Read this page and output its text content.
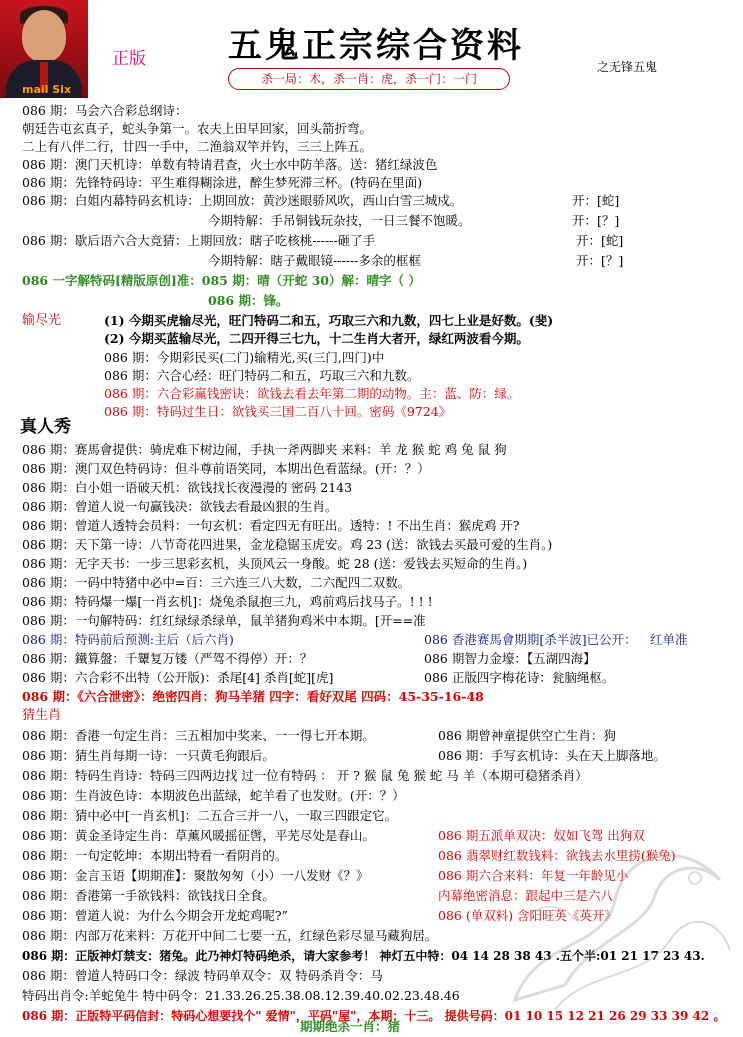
mail Six
正版	五鬼正宗综合资料
杀一局：木，杀一肖：虎，杀一门：一门
之无锋五鬼
086 期：马会六合彩总纲诗：
朝廷告屯玄真子，蛇头争第一。农夫上田早回家，回头箭折弯。
二上有八伴二行，廿四一手中，二渔翁双竿并钓，三三上阵五。
086 期：澳门天机诗：单数有特请君查，火土水中防羊落。送：猪红绿波色
086 期：先锋特码诗：平生难得糊涂进，醉生梦死滞三杯。(特码在里面)
086 期：白姐内幕特码玄机诗：上期回放：黄沙迷眼骄风吹，西山白雪三城戍。	开：[蛇]
今期特解：手吊铜钱玩杂技，一日三餐不饱暖。	开：[？]
086 期：歇后语六合大竞猜：上期回放：瞎子吃核桃------砸了手	开：[蛇]
今期特解：瞎子戴眼镜------多余的框框	开：[？]
086 一字解特码[精版原创]准：085 期：晴（开蛇 30）解：晴字（ ）
086 期：锋。
输尽光	(1) 今期买虎输尽光，旺门特码二和五，巧取三六和九数，四七上业是好数。(斐)
(2) 今期买蓝输尽光，二四开得三七九，十二生肖大者开，绿红两波看今期。
086 期：今期彩民买(二门)输精光,买(三门,四门)中
086 期：六合心经：旺门特码二和五，巧取三六和九数。
086 期：六合彩赢钱密诀：欲钱去看去年第二期的动物。主：蓝、防：绿。
086 期：特码过生日：欲钱买三国二百八十回。密码《9724》
真人秀
086 期：赛馬會提供：骑虎难下树边闹，手执一斧两脚夹 来料：羊 龙 猴 蛇 鸡 兔 鼠 狗
086 期：澳门双色特码诗：但斗尊前语笑同，本期出色看蓝绿。(开：？）
086 期：白小姐一语破天机：欲钱找长夜漫漫的 密码 2143
086 期：曾道人说一句赢钱决：欲钱去看最凶狠的生肖。
086 期：曾道人透特会员料：一句玄机：看定四无有旺出。透特：! 不出生肖：猴虎鸡 开?
086 期：天下第一诗：八节奇花四进果，金龙稳锯玉虎安。鸡 23 (送：欲钱去买最可爱的生肖。)
086 期：无字天书：一步三思彩玄机，头顶风云一身酸。蛇 28 (送：爱钱去买短命的生肖。)
086 期：一码中特猪中必中=百：三六连三八大数，二六配四二双数。
086 期：特码爆一爆[一肖玄机]：烧兔杀鼠抱三九，鸡前鸡后找马子。! ! !
086 期：一句解特码：红红绿绿杀绿单，鼠羊猪狗鸡米中本期。[开==准
086 期：特码前后预测:主后（后六肖)	086 香港赛馬會期期[杀半波]已公开： 红单准
086 期：鐵算盤：千顰复万镂（严驾不得停）开：？	086 期智力金壕：【五湖四海】
086 期：六合彩不出特（公开版)：杀尾[4] 杀肖[蛇][虎]	086 正版四字梅花诗：瓮脑绳枢。
086 期：《六合泄密》：绝密四肖：狗马羊猪 四字：看好双尾 四码：45-35-16-48
猜生肖
086 期：香港一句定生肖：三五相加中奖来、一一得七开本期。	086 期曾神童提供空亡生肖：狗
086 期：猜生肖每期一诗：一只黄毛狗跟后。	086 期：手写玄机诗：头在天上脚落地。
086 期：特码生肖诗：特码三四两边找 过一位有特码 ： 开 ? 猴 鼠 兔 猴 蛇 马 羊（本期可稳猪杀肖）
086 期：生肖波色诗：本期波色出蓝绿，蛇羊看了也发财。(开：？）
086 期：猜中必中[一肖玄机]：二五合三并一八，一取三四跟定它。
086 期：黄金圣诗定生肖：草薰风暖摇征辔，平芜尽处是春山。	086 期五派单双决：奴如飞驾 出狗双
086 期：一句定乾坤：本期出特看一看阴肖的。	086 翡翠财红数钱料：欲钱去水里捞(猴兔)
086 期：金言玉语【期期准】：聚散匆匆（小）一八发财《？》	086 期六合来料：年复一年龄见小
086 期：香港第一手欲钱料：欲钱找日全食。	内幕绝密消息：跟起中三是六八
086 期：曾道人说：为什么今期会开龙蛇鸡呢?”	086 (单双料) 含阳旺英《英开》
086 期：内部万花来料：万花开中间二七要一五，红绿色彩尽显马藏狗居。
086 期：正版神灯禁支：猪兔。此乃神灯特码绝杀，请大家参考！ 神灯五中特：04 14 28 38 43 .五个半:01 21 17 23 43.
086 期：曾道人特码口令：绿波 特码单双令：双 特码杀肖令：马
特码出肖令:羊蛇兔牛 特中码令：21.33.26.25.38.08.12.39.40.02.23.48.46
086 期：正版特平码信封：特码心想要找个" 爱情"，平码"屋"，本期：十三。 提供号码：01 10 15 12 21 26 29 33 39 42 。
期期绝杀一肖：猪
